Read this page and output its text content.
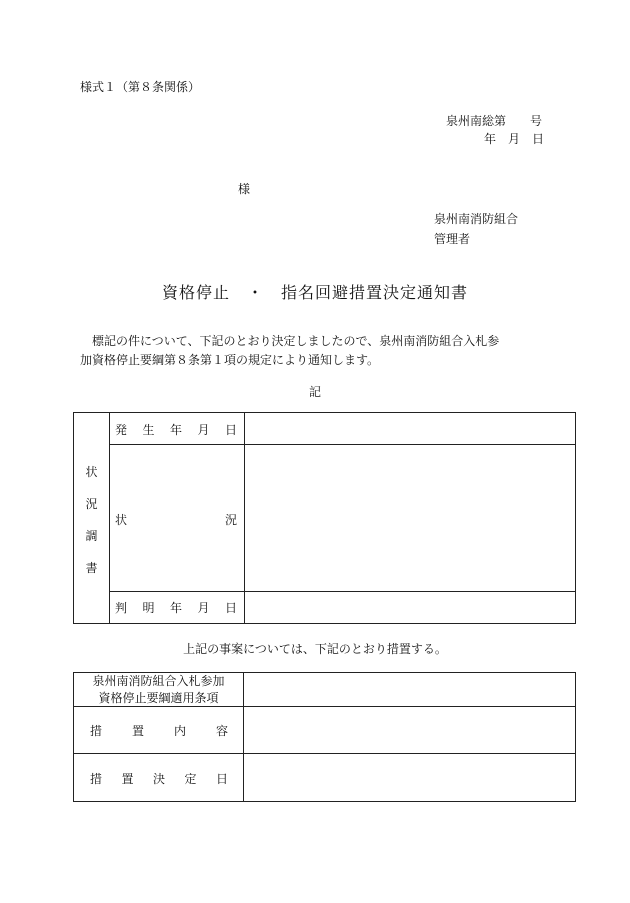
様式１（第８条関係）
泉州南総第　　号
年　月　日
様
泉州南消防組合
管理者
資格停止　・　指名回避措置決定通知書
標記の件について、下記のとおり決定しましたので、泉州南消防組合入札参
加資格停止要綱第８条第１項の規定により通知します。
記
状
況
調
書
発 生 年 月 日
状	況
判 明 年 月 日
上記の事案については、下記のとおり措置する。
泉州南消防組合入札参加
資格停止要綱適用条項
措 置 内 容
措 置 決 定 日
